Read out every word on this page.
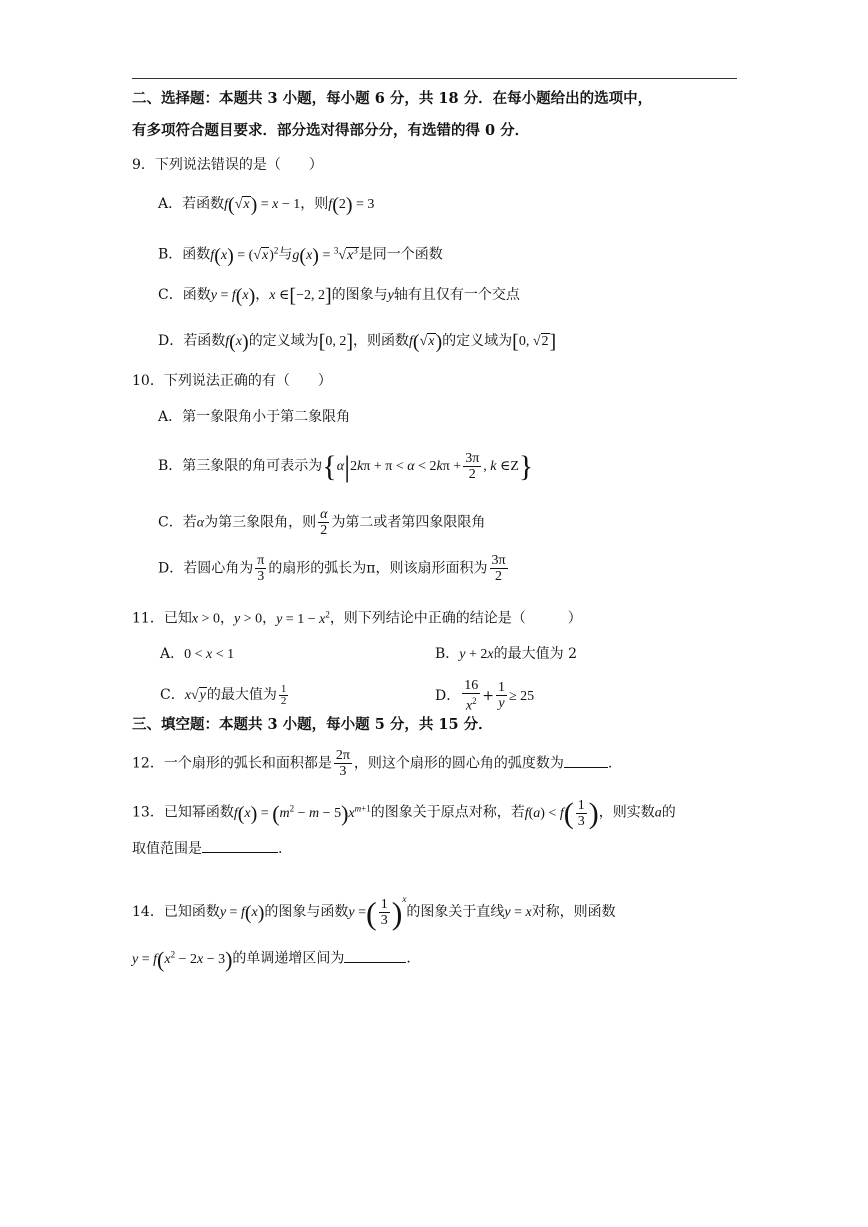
二、选择题：本题共 3 小题，每小题 6 分，共 18 分．在每小题给出的选项中，
有多项符合题目要求．部分选对得部分分，有选错的得 0 分．
9．下列说法错误的是（　　）
A．若函数f(√x) = x − 1，则f(2) = 3
B．函数$f(x) = (√x)^2$与$g(x) = ^3√x^3$是同一个函数
C．函数y = f(x)，x ∈[−2, 2]的图象与y轴有且仅有一个交点
D．若函数f(x)的定义域为[0, 2]，则函数f(√x)的定义域为[0, √2]
10．下列说法正确的有（　　）
A．第一象限角小于第二象限角
B．第三象限的角可表示为{$\alpha|2k\pi + \pi < \alpha < 2k\pi + \frac{3\pi}{2}$ , k ∈Z}
C．若α为第三象限角，则 $\frac{\alpha}{2}$ 为第二或者第四象限限角
D．若圆心角为 $\frac{\pi}{3}$ 的扇形的弧长为π，则该扇形面积为 $\frac{3\pi}{2}$
11．已知x > 0，y > 0，$y = 1 - x^2$，则下列结论中正确的结论是（　　　）
A．0 < x < 1	B．y + 2x的最大值为 2
C．x√y的最大值为 $\frac{1}{2}$	D． $\frac{16}{x^2} + \frac{1}{y} \ge 25$
三、填空题：本题共 3 小题，每小题 5 分，共 15 分．
12．一个扇形的弧长和面积都是 $\frac{2\pi}{3}$ ，则这个扇形的圆心角的弧度数为	.
13．已知幂函数$f(x) = (m^2 - m - 5)x^{m+1}$的图象关于原点对称，若$f(a) < f( \frac{1}{3}$ )，则实数a的
取值范围是	.
14．已知函数y = f(x)的图象与函数y =( $\frac{1}{3} )^x$的图象关于直线y = x对称，则函数
$y = f(x^2 - 2x - 3)$的单调递增区间为	.
